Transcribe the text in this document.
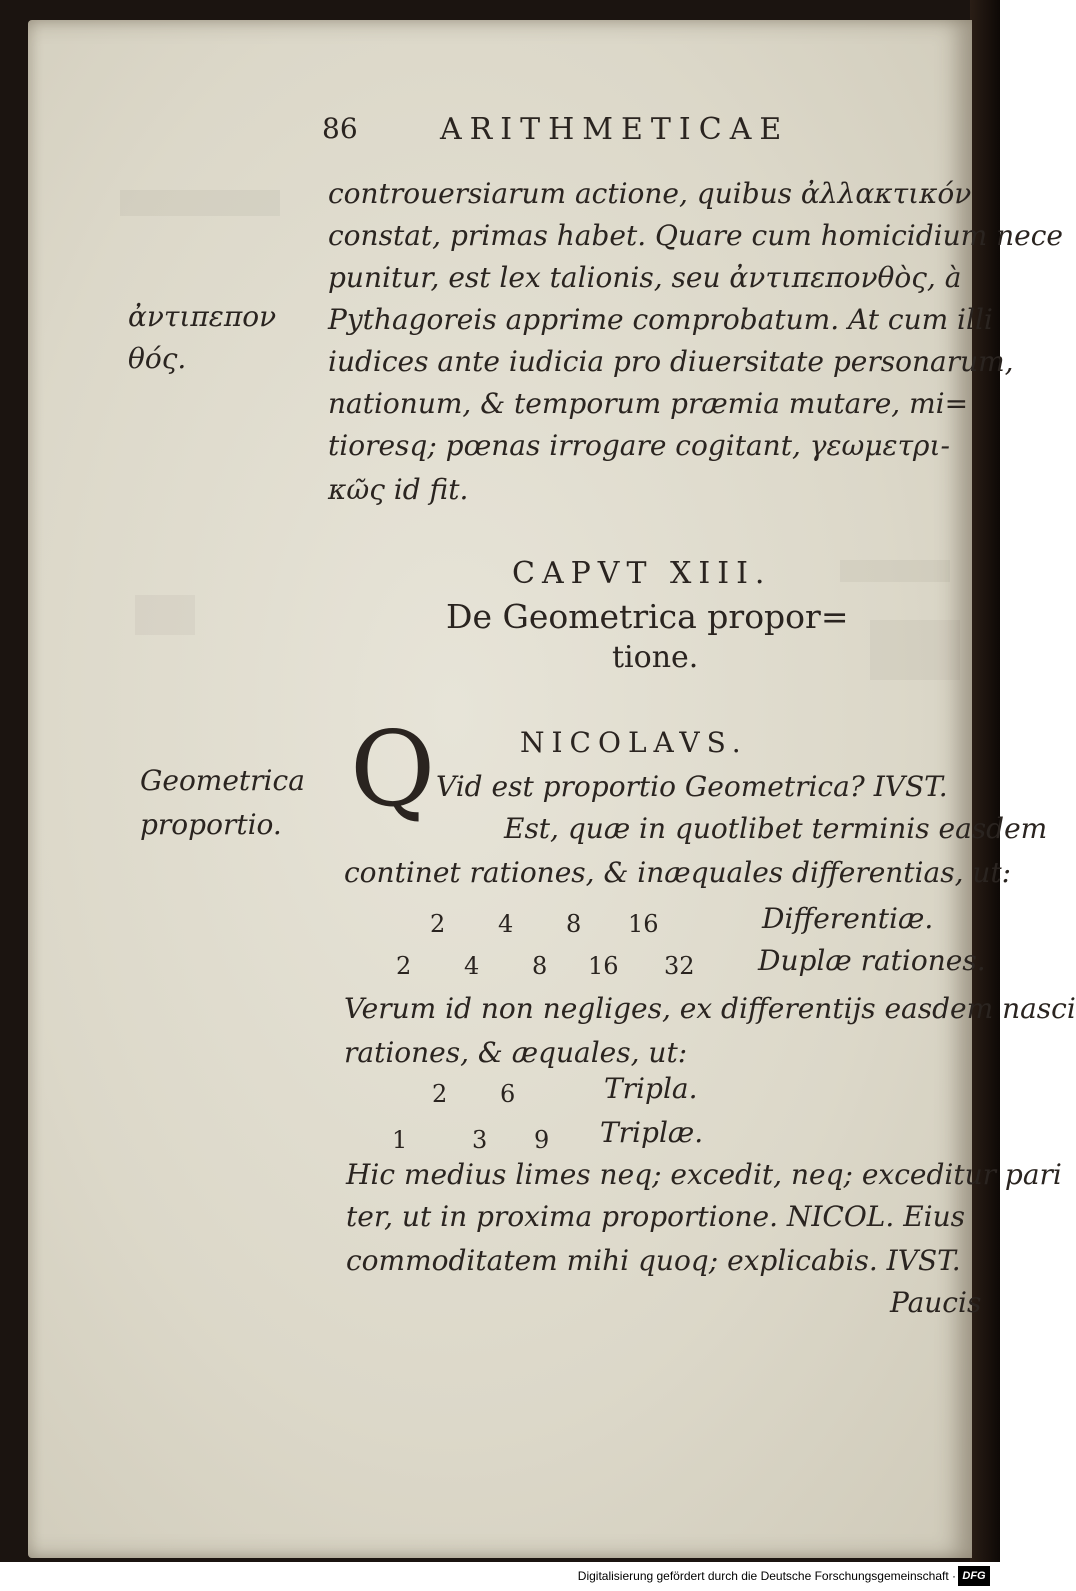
86	ARITHMETICAE
ἀντιπεπον
θός.
Geometrica
proportio.
controuersiarum actione, quibus ἀλλακτικόν
constat, primas habet. Quare cum homicidium nece
punitur, est lex talionis, seu ἀντιπεπονθὸς, à
Pythagoreis apprime comprobatum. At cum illi
iudices ante iudicia pro diuersitate personarum,
nationum, & temporum præmia mutare, mi=
tioresq; pœnas irrogare cogitant, γεωμετρι-
κῶς id fit.
CAPVT XIII.
De Geometrica propor=
tione.
NICOLAVS.
Q Vid est proportio Geometrica? IVST.
Est, quæ in quotlibet terminis easdem
continet rationes, & inæquales differentias, ut:
2 4 8 16	Differentiæ.
2 4 8 16 32 Duplæ rationes.
Verum id non negliges, ex differentijs easdem nasci
rationes, & æquales, ut:
2 6	Tripla.
1	3 9 Triplæ.
Hic medius limes neq; excedit, neq; exceditur pari
ter, ut in proxima proportione. NICOL. Eius
commoditatem mihi quoq; explicabis. IVST.
Paucis
Digitalisierung gefördert durch die Deutsche Forschungsgemeinschaft · DFG
